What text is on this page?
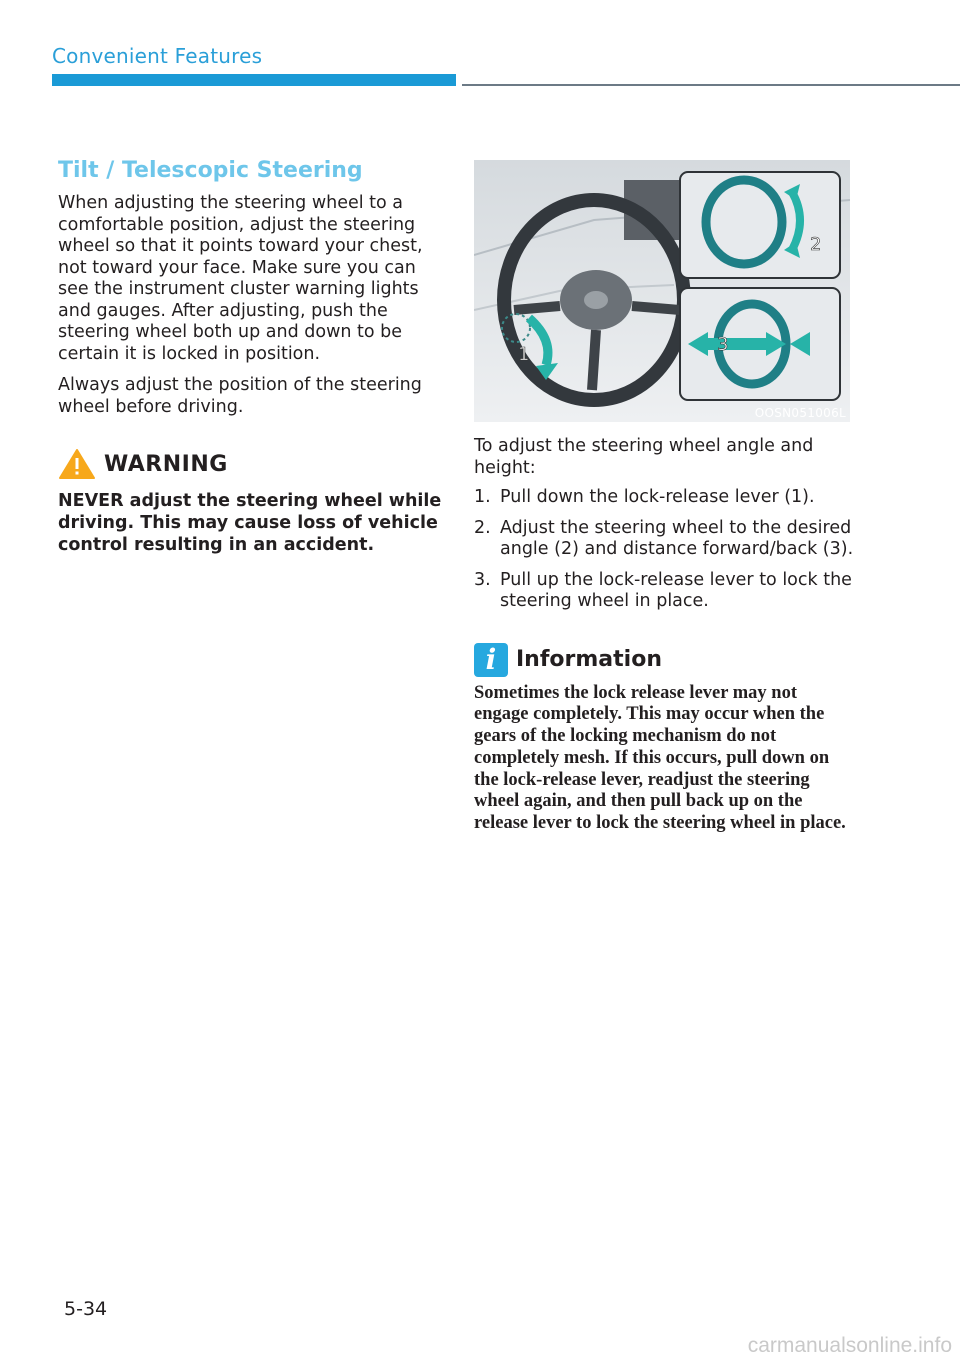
Convenient Features
Tilt / Telescopic Steering

When adjusting the steering wheel to a comfortable position, adjust the steering wheel so that it points toward your chest, not toward your face. Make sure you can see the instrument cluster warning lights and gauges. After adjusting, push the steering wheel both up and down to be certain it is locked in position.

Always adjust the position of the steering wheel before driving.

WARNING

NEVER adjust the steering wheel while driving. This may cause loss of vehicle control resulting in an accident.

1
2
3
OOSN051006L

To adjust the steering wheel angle and height:

1. Pull down the lock-release lever (1).
2. Adjust the steering wheel to the desired angle (2) and distance forward/back (3).
3. Pull up the lock-release lever to lock the steering wheel in place.
i Information

Sometimes the lock release lever may not engage completely. This may occur when the gears of the locking mechanism do not completely mesh. If this occurs, pull down on the lock-release lever, readjust the steering wheel again, and then pull back up on the release lever to lock the steering wheel in place.

5-34
carmanualsonline.info
